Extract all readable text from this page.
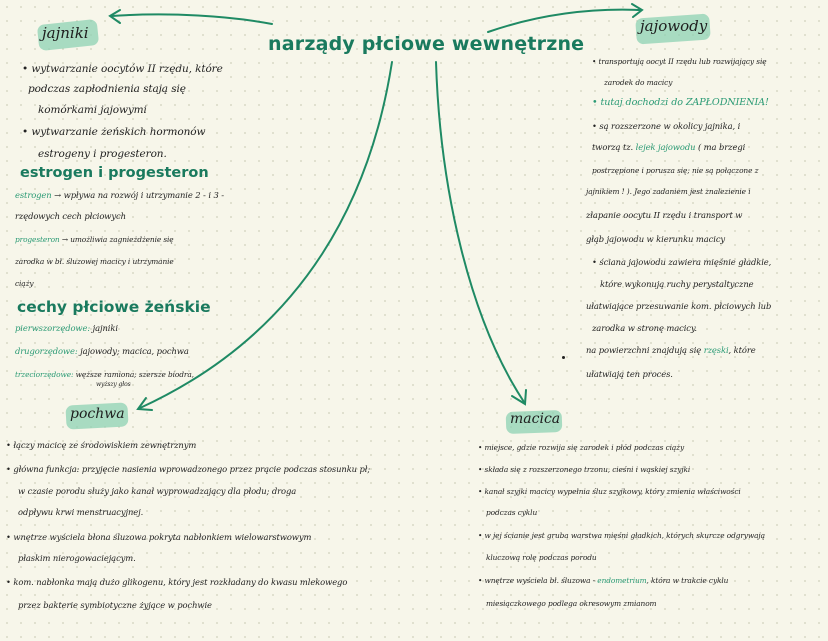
narządy płciowe wewnętrzne
jajniki
• wytwarzanie oocytów II rzędu, które
podczas zapłodnienia stają się
komórkami jajowymi
• wytwarzanie żeńskich hormonów
estrogeny i progesteron.
estrogen i progesteron
estrogen → wpływa na rozwój i utrzymanie 2 - i 3 -
rzędowych cech płciowych
progesteron → umożliwia zagnieżdżenie się
zarodka w bł. śluzowej macicy i utrzymanie
ciąży
cechy płciowe żeńskie
pierwszorzędowe: jajniki
drugorzędowe: jajowody; macica, pochwa
trzeciorzędowe: węższe ramiona; szersze biodra,
wyższy głos
pochwa
• łączy macicę ze środowiskiem zewnętrznym
• główna funkcja: przyjęcie nasienia wprowadzonego przez prącie podczas stosunku pł;
w czasie porodu służy jako kanał wyprowadzający dla płodu; droga
odpływu krwi menstruacyjnej.
• wnętrze wyściela błona śluzowa pokryta nabłonkiem wielowarstwowym
płaskim nierogowaciejącym.
• kom. nabłonka mają dużo glikogenu, który jest rozkładany do kwasu mlekowego
przez bakterie symbiotyczne żyjące w pochwie
jajowody
• transportują oocyt II rzędu lub rozwijający się
zarodek do macicy
• tutaj dochodzi do ZAPŁODNIENIA!
• są rozszerzone w okolicy jajnika, i
tworzą tz. lejek jajowodu ( ma brzegi
postrzępione i porusza się; nie są połączone z
jajnikiem ! ). Jego zadaniem jest znalezienie i
złapanie oocytu II rzędu i transport w
głąb jajowodu w kierunku macicy
• ściana jajowodu zawiera mięśnie gładkie,
które wykonują ruchy perystaltyczne
ułatwiające przesuwanie kom. płciowych lub
zarodka w stronę macicy.
na powierzchni znajdują się rzęski, które
ułatwiają ten proces.
macica
• miejsce, gdzie rozwija się zarodek i płód podczas ciąży
• składa się z rozszerzonego trzonu, cieśni i wąskiej szyjki
• kanał szyjki macicy wypełnia śluz szyjkowy, który zmienia właściwości
podczas cyklu
• w jej ścianie jest gruba warstwa mięśni gładkich, których skurcze odgrywają
kluczową rolę podczas porodu
• wnętrze wyściela bł. śluzowa - endometrium, która w trakcie cyklu
miesiączkowego podlega okresowym zmianom
